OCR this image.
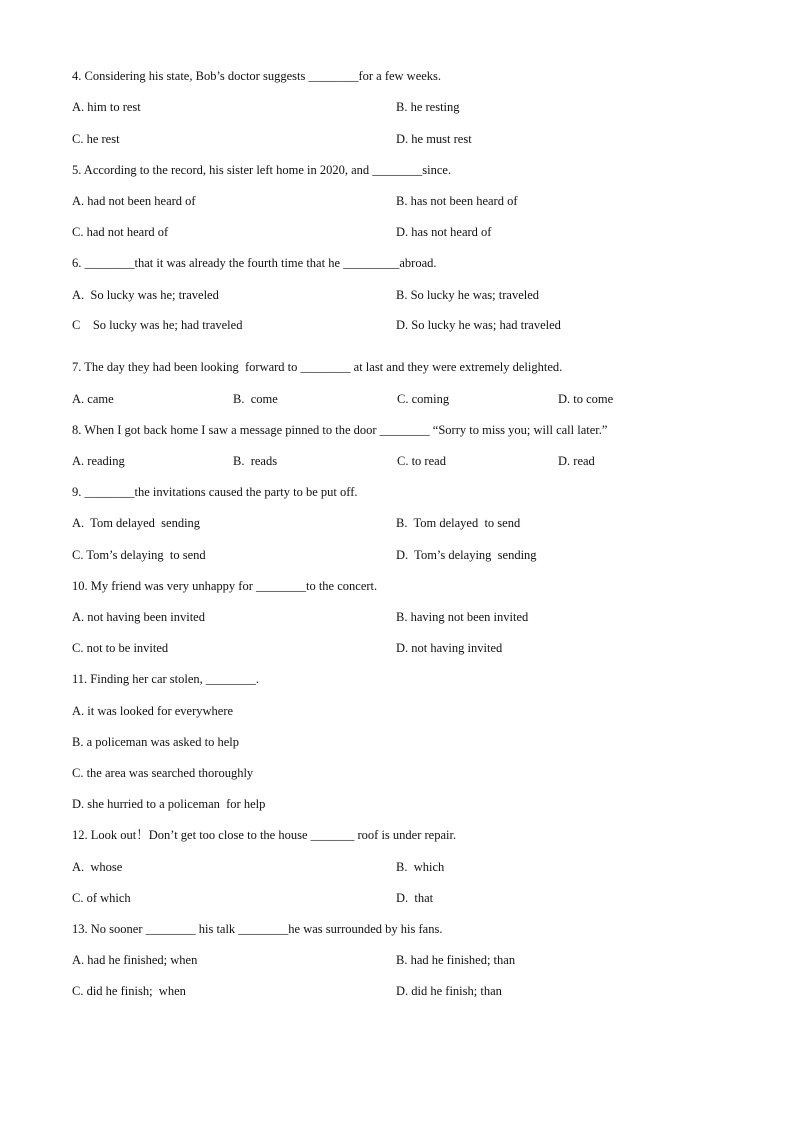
4. Considering his state, Bob’s doctor suggests ________for a few weeks.
A. him to rest	B. he resting
C. he rest	D. he must rest
5. According to the record, his sister left home in 2020, and ________since.
A. had not been heard of	B. has not been heard of
C. had not heard of	D. has not heard of
6. ________that it was already the fourth time that he _________abroad.
A.  So lucky was he; traveled	B. So lucky he was; traveled
C    So lucky was he; had traveled	D. So lucky he was; had traveled
7. The day they had been looking  forward to ________ at last and they were extremely delighted.
A. came	B.  come	C. coming	D. to come
8. When I got back home I saw a message pinned to the door ________ “Sorry to miss you; will call later.”
A. reading	B.  reads	C. to read	D. read
9. ________the invitations caused the party to be put off.
A.  Tom delayed  sending	B.  Tom delayed  to send
C. Tom’s delaying  to send	D.  Tom’s delaying  sending
10. My friend was very unhappy for ________to the concert.
A. not having been invited	B. having not been invited
C. not to be invited	D. not having invited
11. Finding her car stolen, ________.
A. it was looked for everywhere
B. a policeman was asked to help
C. the area was searched thoroughly
D. she hurried to a policeman  for help
12. Look out！Don’t get too close to the house _______ roof is under repair.
A.  whose	B.  which
C. of which	D.  that
13. No sooner ________ his talk ________he was surrounded by his fans.
A. had he finished; when	B. had he finished; than
C. did he finish;  when	D. did he finish; than
